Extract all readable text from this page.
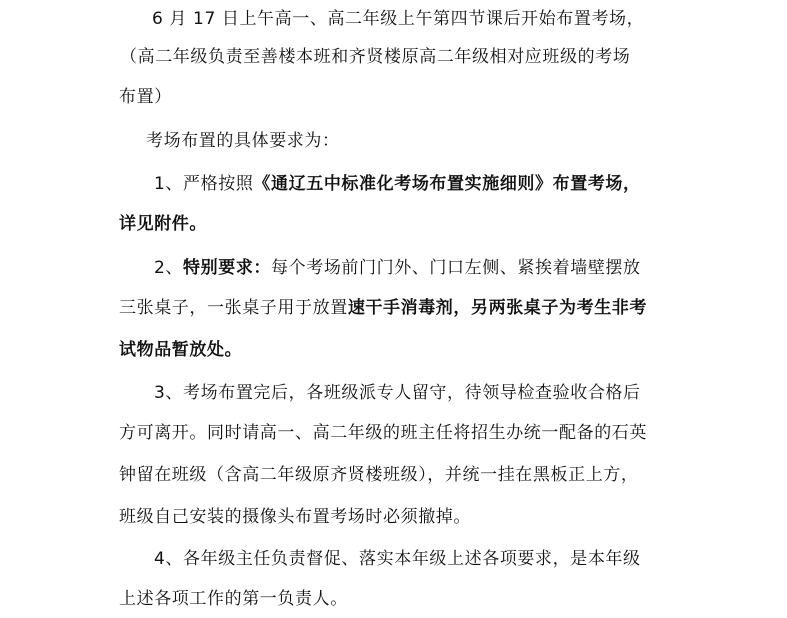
6 月 17 日上午高一、高二年级上午第四节课后开始布置考场，
（高二年级负责至善楼本班和齐贤楼原高二年级相对应班级的考场
布置）
考场布置的具体要求为：
1、严格按照《通辽五中标准化考场布置实施细则》布置考场，
详见附件。
2、特别要求：每个考场前门门外、门口左侧、紧挨着墙壁摆放
三张桌子，一张桌子用于放置速干手消毒剂，另两张桌子为考生非考
试物品暂放处。
3、考场布置完后，各班级派专人留守，待领导检查验收合格后
方可离开。同时请高一、高二年级的班主任将招生办统一配备的石英
钟留在班级（含高二年级原齐贤楼班级），并统一挂在黑板正上方，
班级自己安装的摄像头布置考场时必须撤掉。
4、各年级主任负责督促、落实本年级上述各项要求，是本年级
上述各项工作的第一负责人。
